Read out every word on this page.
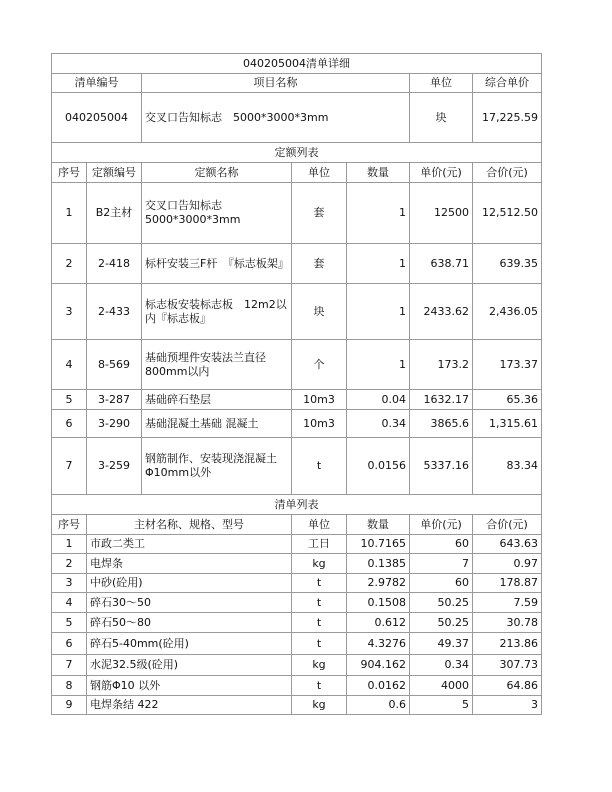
040205004清单详细						
清单编号		项目名称			单位	综合单价
040205004		交叉口告知标志　5000*3000*3mm			块	17,225.59
定额列表						
序号	定额编号	定额名称	单位	数量	单价(元)	合价(元)
1	B2主材	交叉口告知标志　5000*3000*3mm	套	1	12500	12,512.50
2	2-418	标杆安装三F杆　『标志板架』	套	1	638.71	639.35
3	2-433	标志板安装标志板　12m2以内『标志板』	块	1	2433.62	2,436.05
4	8-569	基础预埋件安装法兰直径800mm以内	个	1	173.2	173.37
5	3-287	基础碎石垫层	10m3	0.04	1632.17	65.36
6	3-290	基础混凝土基础 混凝土	10m3	0.34	3865.6	1,315.61
7	3-259	钢筋制作、安装现浇混凝土Φ10mm以外	t	0.0156	5337.16	83.34
清单列表						
序号	主材名称、规格、型号		单位	数量	单价(元)	合价(元)
1	市政二类工		工日	10.7165	60	643.63
2	电焊条		kg	0.1385	7	0.97
3	中砂(砼用)		t	2.9782	60	178.87
4	碎石30～50		t	0.1508	50.25	7.59
5	碎石50～80		t	0.612	50.25	30.78
6	碎石5-40mm(砼用)		t	4.3276	49.37	213.86
7	水泥32.5级(砼用)		kg	904.162	0.34	307.73
8	钢筋Φ10 以外		t	0.0162	4000	64.86
9	电焊条结 422		kg	0.6	5	3
